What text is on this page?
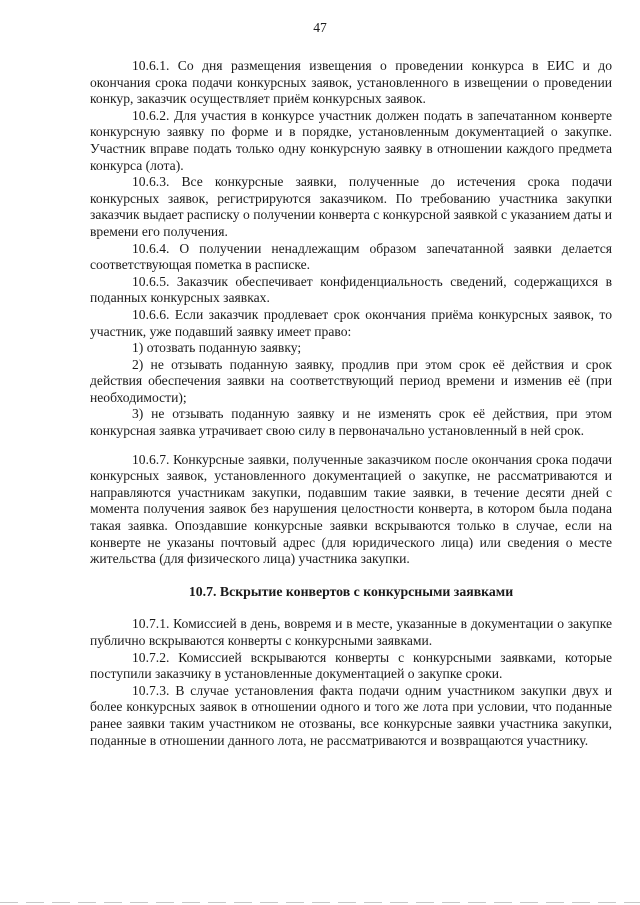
47

10.6.1. Со дня размещения извещения о проведении конкурса в ЕИС и до окончания срока подачи конкурсных заявок, установленного в извещении о проведении конкур, заказчик осуществляет приём конкурсных заявок.

10.6.2. Для участия в конкурсе участник должен подать в запечатанном конверте конкурсную заявку по форме и в порядке, установленным документацией о закупке. Участник вправе подать только одну конкурсную заявку в отношении каждого предмета конкурса (лота).

10.6.3. Все конкурсные заявки, полученные до истечения срока подачи конкурсных заявок, регистрируются заказчиком. По требованию участника закупки заказчик выдает расписку о получении конверта с конкурсной заявкой с указанием даты и времени его получения.

10.6.4. О получении ненадлежащим образом запечатанной заявки делается соответствующая пометка в расписке.

10.6.5. Заказчик обеспечивает конфиденциальность сведений, содержащихся в поданных конкурсных заявках.

10.6.6. Если заказчик продлевает срок окончания приёма конкурсных заявок, то участник, уже подавший заявку имеет право:

1) отозвать поданную заявку;

2) не отзывать поданную заявку, продлив при этом срок её действия и срок действия обеспечения заявки на соответствующий период времени и изменив её (при необходимости);

3) не отзывать поданную заявку и не изменять срок её действия, при этом конкурсная заявка утрачивает свою силу в первоначально установленный в ней срок.

10.6.7. Конкурсные заявки, полученные заказчиком после окончания срока подачи конкурсных заявок, установленного документацией о закупке, не рассматриваются и направляются участникам закупки, подавшим такие заявки, в течение десяти дней с момента получения заявок без нарушения целостности конверта, в котором была подана такая заявка. Опоздавшие конкурсные заявки вскрываются только в случае, если на конверте не указаны почтовый адрес (для юридического лица) или сведения о месте жительства (для физического лица) участника закупки.

10.7. Вскрытие конвертов с конкурсными заявками

10.7.1. Комиссией в день, вовремя и в месте, указанные в документации о закупке публично вскрываются конверты с конкурсными заявками.

10.7.2. Комиссией вскрываются конверты с конкурсными заявками, которые поступили заказчику в установленные документацией о закупке сроки.

10.7.3. В случае установления факта подачи одним участником закупки двух и более конкурсных заявок в отношении одного и того же лота при условии, что поданные ранее заявки таким участником не отозваны, все конкурсные заявки участника закупки, поданные в отношении данного лота, не рассматриваются и возвращаются участнику.
